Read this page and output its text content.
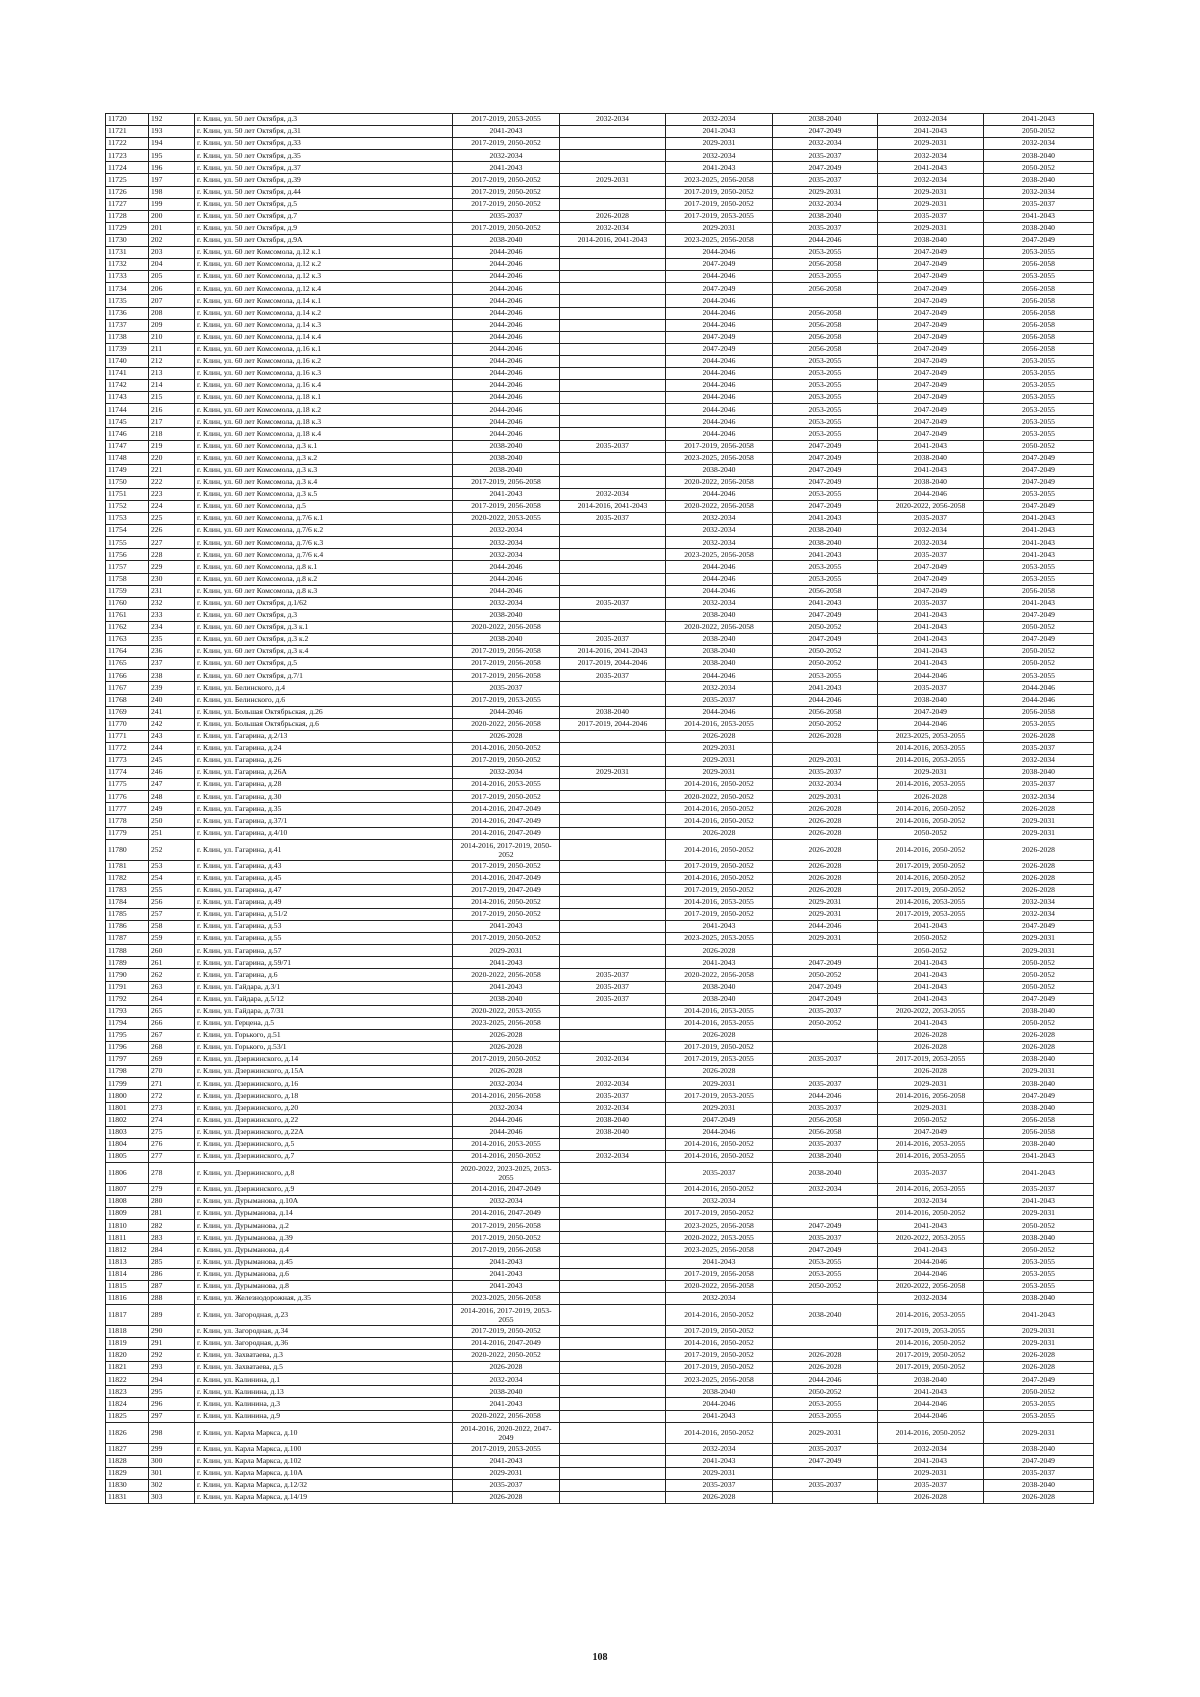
11720	192	г. Клин, ул. 50 лет Октября, д.3	2017-2019, 2053-2055	2032-2034	2032-2034	2038-2040	2032-2034	2041-2043
11721	193	г. Клин, ул. 50 лет Октября, д.31	2041-2043		2041-2043	2047-2049	2041-2043	2050-2052
11722	194	г. Клин, ул. 50 лет Октября, д.33	2017-2019, 2050-2052		2029-2031	2032-2034	2029-2031	2032-2034
11723	195	г. Клин, ул. 50 лет Октября, д.35	2032-2034		2032-2034	2035-2037	2032-2034	2038-2040
11724	196	г. Клин, ул. 50 лет Октября, д.37	2041-2043		2041-2043	2047-2049	2041-2043	2050-2052
11725	197	г. Клин, ул. 50 лет Октября, д.39	2017-2019, 2050-2052	2029-2031	2023-2025, 2056-2058	2035-2037	2032-2034	2038-2040
11726	198	г. Клин, ул. 50 лет Октября, д.44	2017-2019, 2050-2052		2017-2019, 2050-2052	2029-2031	2029-2031	2032-2034
11727	199	г. Клин, ул. 50 лет Октября, д.5	2017-2019, 2050-2052		2017-2019, 2050-2052	2032-2034	2029-2031	2035-2037
11728	200	г. Клин, ул. 50 лет Октября, д.7	2035-2037	2026-2028	2017-2019, 2053-2055	2038-2040	2035-2037	2041-2043
11729	201	г. Клин, ул. 50 лет Октября, д.9	2017-2019, 2050-2052	2032-2034	2029-2031	2035-2037	2029-2031	2038-2040
11730	202	г. Клин, ул. 50 лет Октября, д.9А	2038-2040	2014-2016, 2041-2043	2023-2025, 2056-2058	2044-2046	2038-2040	2047-2049
11731	203	г. Клин, ул. 60 лет Комсомола, д.12 к.1	2044-2046		2044-2046	2053-2055	2047-2049	2053-2055
11732	204	г. Клин, ул. 60 лет Комсомола, д.12 к.2	2044-2046		2047-2049	2056-2058	2047-2049	2056-2058
11733	205	г. Клин, ул. 60 лет Комсомола, д.12 к.3	2044-2046		2044-2046	2053-2055	2047-2049	2053-2055
11734	206	г. Клин, ул. 60 лет Комсомола, д.12 к.4	2044-2046		2047-2049	2056-2058	2047-2049	2056-2058
11735	207	г. Клин, ул. 60 лет Комсомола, д.14 к.1	2044-2046		2044-2046		2047-2049	2056-2058
11736	208	г. Клин, ул. 60 лет Комсомола, д.14 к.2	2044-2046		2044-2046	2056-2058	2047-2049	2056-2058
11737	209	г. Клин, ул. 60 лет Комсомола, д.14 к.3	2044-2046		2044-2046	2056-2058	2047-2049	2056-2058
11738	210	г. Клин, ул. 60 лет Комсомола, д.14 к.4	2044-2046		2047-2049	2056-2058	2047-2049	2056-2058
11739	211	г. Клин, ул. 60 лет Комсомола, д.16 к.1	2044-2046		2047-2049	2056-2058	2047-2049	2056-2058
11740	212	г. Клин, ул. 60 лет Комсомола, д.16 к.2	2044-2046		2044-2046	2053-2055	2047-2049	2053-2055
11741	213	г. Клин, ул. 60 лет Комсомола, д.16 к.3	2044-2046		2044-2046	2053-2055	2047-2049	2053-2055
11742	214	г. Клин, ул. 60 лет Комсомола, д.16 к.4	2044-2046		2044-2046	2053-2055	2047-2049	2053-2055
11743	215	г. Клин, ул. 60 лет Комсомола, д.18 к.1	2044-2046		2044-2046	2053-2055	2047-2049	2053-2055
11744	216	г. Клин, ул. 60 лет Комсомола, д.18 к.2	2044-2046		2044-2046	2053-2055	2047-2049	2053-2055
11745	217	г. Клин, ул. 60 лет Комсомола, д.18 к.3	2044-2046		2044-2046	2053-2055	2047-2049	2053-2055
11746	218	г. Клин, ул. 60 лет Комсомола, д.18 к.4	2044-2046		2044-2046	2053-2055	2047-2049	2053-2055
11747	219	г. Клин, ул. 60 лет Комсомола, д.3 к.1	2038-2040	2035-2037	2017-2019, 2056-2058	2047-2049	2041-2043	2050-2052
11748	220	г. Клин, ул. 60 лет Комсомола, д.3 к.2	2038-2040		2023-2025, 2056-2058	2047-2049	2038-2040	2047-2049
11749	221	г. Клин, ул. 60 лет Комсомола, д.3 к.3	2038-2040		2038-2040	2047-2049	2041-2043	2047-2049
11750	222	г. Клин, ул. 60 лет Комсомола, д.3 к.4	2017-2019, 2056-2058		2020-2022, 2056-2058	2047-2049	2038-2040	2047-2049
11751	223	г. Клин, ул. 60 лет Комсомола, д.3 к.5	2041-2043	2032-2034	2044-2046	2053-2055	2044-2046	2053-2055
11752	224	г. Клин, ул. 60 лет Комсомола, д.5	2017-2019, 2056-2058	2014-2016, 2041-2043	2020-2022, 2056-2058	2047-2049	2020-2022, 2056-2058	2047-2049
11753	225	г. Клин, ул. 60 лет Комсомола, д.7/6 к.1	2020-2022, 2053-2055	2035-2037	2032-2034	2041-2043	2035-2037	2041-2043
11754	226	г. Клин, ул. 60 лет Комсомола, д.7/6 к.2	2032-2034		2032-2034	2038-2040	2032-2034	2041-2043
11755	227	г. Клин, ул. 60 лет Комсомола, д.7/6 к.3	2032-2034		2032-2034	2038-2040	2032-2034	2041-2043
11756	228	г. Клин, ул. 60 лет Комсомола, д.7/6 к.4	2032-2034		2023-2025, 2056-2058	2041-2043	2035-2037	2041-2043
11757	229	г. Клин, ул. 60 лет Комсомола, д.8 к.1	2044-2046		2044-2046	2053-2055	2047-2049	2053-2055
11758	230	г. Клин, ул. 60 лет Комсомола, д.8 к.2	2044-2046		2044-2046	2053-2055	2047-2049	2053-2055
11759	231	г. Клин, ул. 60 лет Комсомола, д.8 к.3	2044-2046		2044-2046	2056-2058	2047-2049	2056-2058
11760	232	г. Клин, ул. 60 лет Октября, д.1/62	2032-2034	2035-2037	2032-2034	2041-2043	2035-2037	2041-2043
11761	233	г. Клин, ул. 60 лет Октября, д.3	2038-2040		2038-2040	2047-2049	2041-2043	2047-2049
11762	234	г. Клин, ул. 60 лет Октября, д.3 к.1	2020-2022, 2056-2058		2020-2022, 2056-2058	2050-2052	2041-2043	2050-2052
11763	235	г. Клин, ул. 60 лет Октября, д.3 к.2	2038-2040	2035-2037	2038-2040	2047-2049	2041-2043	2047-2049
11764	236	г. Клин, ул. 60 лет Октября, д.3 к.4	2017-2019, 2056-2058	2014-2016, 2041-2043	2038-2040	2050-2052	2041-2043	2050-2052
11765	237	г. Клин, ул. 60 лет Октября, д.5	2017-2019, 2056-2058	2017-2019, 2044-2046	2038-2040	2050-2052	2041-2043	2050-2052
11766	238	г. Клин, ул. 60 лет Октября, д.7/1	2017-2019, 2056-2058	2035-2037	2044-2046	2053-2055	2044-2046	2053-2055
11767	239	г. Клин, ул. Белинского, д.4	2035-2037		2032-2034	2041-2043	2035-2037	2044-2046
11768	240	г. Клин, ул. Белинского, д.6	2017-2019, 2053-2055		2035-2037	2044-2046	2038-2040	2044-2046
11769	241	г. Клин, ул. Большая Октябрьская, д.26	2044-2046	2038-2040	2044-2046	2056-2058	2047-2049	2056-2058
11770	242	г. Клин, ул. Большая Октябрьская, д.6	2020-2022, 2056-2058	2017-2019, 2044-2046	2014-2016, 2053-2055	2050-2052	2044-2046	2053-2055
11771	243	г. Клин, ул. Гагарина, д.2/13	2026-2028		2026-2028	2026-2028	2023-2025, 2053-2055	2026-2028
11772	244	г. Клин, ул. Гагарина, д.24	2014-2016, 2050-2052		2029-2031		2014-2016, 2053-2055	2035-2037
11773	245	г. Клин, ул. Гагарина, д.26	2017-2019, 2050-2052		2029-2031	2029-2031	2014-2016, 2053-2055	2032-2034
11774	246	г. Клин, ул. Гагарина, д.26А	2032-2034	2029-2031	2029-2031	2035-2037	2029-2031	2038-2040
11775	247	г. Клин, ул. Гагарина, д.28	2014-2016, 2053-2055		2014-2016, 2050-2052	2032-2034	2014-2016, 2053-2055	2035-2037
11776	248	г. Клин, ул. Гагарина, д.30	2017-2019, 2050-2052		2020-2022, 2050-2052	2029-2031	2026-2028	2032-2034
11777	249	г. Клин, ул. Гагарина, д.35	2014-2016, 2047-2049		2014-2016, 2050-2052	2026-2028	2014-2016, 2050-2052	2026-2028
11778	250	г. Клин, ул. Гагарина, д.37/1	2014-2016, 2047-2049		2014-2016, 2050-2052	2026-2028	2014-2016, 2050-2052	2029-2031
11779	251	г. Клин, ул. Гагарина, д.4/10	2014-2016, 2047-2049		2026-2028	2026-2028	2050-2052	2029-2031
11780	252	г. Клин, ул. Гагарина, д.41	2014-2016, 2017-2019, 2050-2052		2014-2016, 2050-2052	2026-2028	2014-2016, 2050-2052	2026-2028
11781	253	г. Клин, ул. Гагарина, д.43	2017-2019, 2050-2052		2017-2019, 2050-2052	2026-2028	2017-2019, 2050-2052	2026-2028
11782	254	г. Клин, ул. Гагарина, д.45	2014-2016, 2047-2049		2014-2016, 2050-2052	2026-2028	2014-2016, 2050-2052	2026-2028
11783	255	г. Клин, ул. Гагарина, д.47	2017-2019, 2047-2049		2017-2019, 2050-2052	2026-2028	2017-2019, 2050-2052	2026-2028
11784	256	г. Клин, ул. Гагарина, д.49	2014-2016, 2050-2052		2014-2016, 2053-2055	2029-2031	2014-2016, 2053-2055	2032-2034
11785	257	г. Клин, ул. Гагарина, д.51/2	2017-2019, 2050-2052		2017-2019, 2050-2052	2029-2031	2017-2019, 2053-2055	2032-2034
11786	258	г. Клин, ул. Гагарина, д.53	2041-2043		2041-2043	2044-2046	2041-2043	2047-2049
11787	259	г. Клин, ул. Гагарина, д.55	2017-2019, 2050-2052		2023-2025, 2053-2055	2029-2031	2050-2052	2029-2031
11788	260	г. Клин, ул. Гагарина, д.57	2029-2031		2026-2028		2050-2052	2029-2031
11789	261	г. Клин, ул. Гагарина, д.59/71	2041-2043		2041-2043	2047-2049	2041-2043	2050-2052
11790	262	г. Клин, ул. Гагарина, д.6	2020-2022, 2056-2058	2035-2037	2020-2022, 2056-2058	2050-2052	2041-2043	2050-2052
11791	263	г. Клин, ул. Гайдара, д.3/1	2041-2043	2035-2037	2038-2040	2047-2049	2041-2043	2050-2052
11792	264	г. Клин, ул. Гайдара, д.5/12	2038-2040	2035-2037	2038-2040	2047-2049	2041-2043	2047-2049
11793	265	г. Клин, ул. Гайдара, д.7/31	2020-2022, 2053-2055		2014-2016, 2053-2055	2035-2037	2020-2022, 2053-2055	2038-2040
11794	266	г. Клин, ул. Герцена, д.5	2023-2025, 2056-2058		2014-2016, 2053-2055	2050-2052	2041-2043	2050-2052
11795	267	г. Клин, ул. Горького, д.51	2026-2028		2026-2028		2026-2028	2026-2028
11796	268	г. Клин, ул. Горького, д.53/1	2026-2028		2017-2019, 2050-2052		2026-2028	2026-2028
11797	269	г. Клин, ул. Дзержинского, д.14	2017-2019, 2050-2052	2032-2034	2017-2019, 2053-2055	2035-2037	2017-2019, 2053-2055	2038-2040
11798	270	г. Клин, ул. Дзержинского, д.15А	2026-2028		2026-2028		2026-2028	2029-2031
11799	271	г. Клин, ул. Дзержинского, д.16	2032-2034	2032-2034	2029-2031	2035-2037	2029-2031	2038-2040
11800	272	г. Клин, ул. Дзержинского, д.18	2014-2016, 2056-2058	2035-2037	2017-2019, 2053-2055	2044-2046	2014-2016, 2056-2058	2047-2049
11801	273	г. Клин, ул. Дзержинского, д.20	2032-2034	2032-2034	2029-2031	2035-2037	2029-2031	2038-2040
11802	274	г. Клин, ул. Дзержинского, д.22	2044-2046	2038-2040	2047-2049	2056-2058	2050-2052	2056-2058
11803	275	г. Клин, ул. Дзержинского, д.22А	2044-2046	2038-2040	2044-2046	2056-2058	2047-2049	2056-2058
11804	276	г. Клин, ул. Дзержинского, д.5	2014-2016, 2053-2055		2014-2016, 2050-2052	2035-2037	2014-2016, 2053-2055	2038-2040
11805	277	г. Клин, ул. Дзержинского, д.7	2014-2016, 2050-2052	2032-2034	2014-2016, 2050-2052	2038-2040	2014-2016, 2053-2055	2041-2043
11806	278	г. Клин, ул. Дзержинского, д.8	2020-2022, 2023-2025, 2053-2055		2035-2037	2038-2040	2035-2037	2041-2043
11807	279	г. Клин, ул. Дзержинского, д.9	2014-2016, 2047-2049		2014-2016, 2050-2052	2032-2034	2014-2016, 2053-2055	2035-2037
11808	280	г. Клин, ул. Дурыманова, д.10А	2032-2034		2032-2034		2032-2034	2041-2043
11809	281	г. Клин, ул. Дурыманова, д.14	2014-2016, 2047-2049		2017-2019, 2050-2052		2014-2016, 2050-2052	2029-2031
11810	282	г. Клин, ул. Дурыманова, д.2	2017-2019, 2056-2058		2023-2025, 2056-2058	2047-2049	2041-2043	2050-2052
11811	283	г. Клин, ул. Дурыманова, д.39	2017-2019, 2050-2052		2020-2022, 2053-2055	2035-2037	2020-2022, 2053-2055	2038-2040
11812	284	г. Клин, ул. Дурыманова, д.4	2017-2019, 2056-2058		2023-2025, 2056-2058	2047-2049	2041-2043	2050-2052
11813	285	г. Клин, ул. Дурыманова, д.45	2041-2043		2041-2043	2053-2055	2044-2046	2053-2055
11814	286	г. Клин, ул. Дурыманова, д.6	2041-2043		2017-2019, 2056-2058	2053-2055	2044-2046	2053-2055
11815	287	г. Клин, ул. Дурыманова, д.8	2041-2043		2020-2022, 2056-2058	2050-2052	2020-2022, 2056-2058	2053-2055
11816	288	г. Клин, ул. Железнодорожная, д.35	2023-2025, 2056-2058		2032-2034		2032-2034	2038-2040
11817	289	г. Клин, ул. Загородная, д.23	2014-2016, 2017-2019, 2053-2055		2014-2016, 2050-2052	2038-2040	2014-2016, 2053-2055	2041-2043
11818	290	г. Клин, ул. Загородная, д.34	2017-2019, 2050-2052		2017-2019, 2050-2052		2017-2019, 2053-2055	2029-2031
11819	291	г. Клин, ул. Загородная, д.36	2014-2016, 2047-2049		2014-2016, 2050-2052		2014-2016, 2050-2052	2029-2031
11820	292	г. Клин, ул. Захватаева, д.3	2020-2022, 2050-2052		2017-2019, 2050-2052	2026-2028	2017-2019, 2050-2052	2026-2028
11821	293	г. Клин, ул. Захватаева, д.5	2026-2028		2017-2019, 2050-2052	2026-2028	2017-2019, 2050-2052	2026-2028
11822	294	г. Клин, ул. Калинина, д.1	2032-2034		2023-2025, 2056-2058	2044-2046	2038-2040	2047-2049
11823	295	г. Клин, ул. Калинина, д.13	2038-2040		2038-2040	2050-2052	2041-2043	2050-2052
11824	296	г. Клин, ул. Калинина, д.3	2041-2043		2044-2046	2053-2055	2044-2046	2053-2055
11825	297	г. Клин, ул. Калинина, д.9	2020-2022, 2056-2058		2041-2043	2053-2055	2044-2046	2053-2055
11826	298	г. Клин, ул. Карла Маркса, д.10	2014-2016, 2020-2022, 2047-2049		2014-2016, 2050-2052	2029-2031	2014-2016, 2050-2052	2029-2031
11827	299	г. Клин, ул. Карла Маркса, д.100	2017-2019, 2053-2055		2032-2034	2035-2037	2032-2034	2038-2040
11828	300	г. Клин, ул. Карла Маркса, д.102	2041-2043		2041-2043	2047-2049	2041-2043	2047-2049
11829	301	г. Клин, ул. Карла Маркса, д.10А	2029-2031		2029-2031		2029-2031	2035-2037
11830	302	г. Клин, ул. Карла Маркса, д.12/32	2035-2037		2035-2037	2035-2037	2035-2037	2038-2040
11831	303	г. Клин, ул. Карла Маркса, д.14/19	2026-2028		2026-2028		2026-2028	2026-2028
108
